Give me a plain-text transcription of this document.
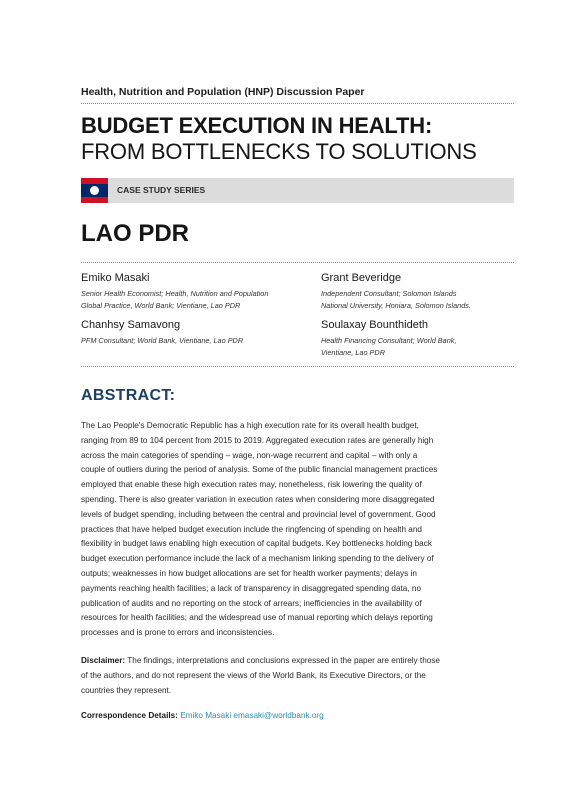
Health, Nutrition and Population (HNP) Discussion Paper
BUDGET EXECUTION IN HEALTH:
FROM BOTTLENECKS TO SOLUTIONS
CASE STUDY SERIES
LAO PDR
Emiko Masaki
Senior Health Economist; Health, Nutrition and Population
Global Practice, World Bank; Vientiane, Lao PDR
Grant Beveridge
Independent Consultant; Solomon Islands
National University, Honiara, Solomon Islands.
Chanhsy Samavong
PFM Consultant; World Bank, Vientiane, Lao PDR
Soulaxay Bounthideth
Health Financing Consultant; World Bank,
Vientiane, Lao PDR
ABSTRACT:
The Lao People's Democratic Republic has a high execution rate for its overall health budget,
ranging from 89 to 104 percent from 2015 to 2019. Aggregated execution rates are generally high
across the main categories of spending – wage, non-wage recurrent and capital – with only a
couple of outliers during the period of analysis. Some of the public financial management practices
employed that enable these high execution rates may, nonetheless, risk lowering the quality of
spending. There is also greater variation in execution rates when considering more disaggregated
levels of budget spending, including between the central and provincial level of government. Good
practices that have helped budget execution include the ringfencing of spending on health and
flexibility in budget laws enabling high execution of capital budgets. Key bottlenecks holding back
budget execution performance include the lack of a mechanism linking spending to the delivery of
outputs; weaknesses in how budget allocations are set for health worker payments; delays in
payments reaching health facilities; a lack of transparency in disaggregated spending data, no
publication of audits and no reporting on the stock of arrears; inefficiencies in the availability of
resources for health facilities; and the widespread use of manual reporting which delays reporting
processes and is prone to errors and inconsistencies.
Disclaimer: The findings, interpretations and conclusions expressed in the paper are entirely those
of the authors, and do not represent the views of the World Bank, its Executive Directors, or the
countries they represent.
Correspondence Details: Emiko Masaki emasaki@worldbank.org
